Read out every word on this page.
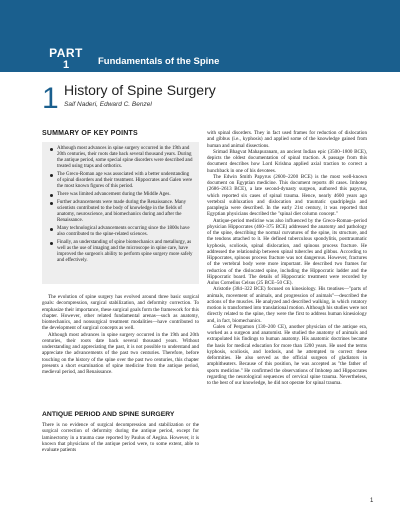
PART
1	Fundamentals of the Spine
1 History of Spine Surgery
Saif Naderi, Edward C. Benzel
SUMMARY OF KEY POINTS
Although most advances in spine surgery occurred in the 19th and 20th centuries, their roots date back several thousand years. During the antique period, some special spine disorders were described and treated using traps and orthotics.
The Greco-Roman age was associated with a better understanding of spinal disorders and their treatment. Hippocrates and Galen were the most known figures of this period.
There was limited advancement during the Middle Ages.
Further advancements were made during the Renaissance. Many scientists contributed to the body of knowledge in the fields of anatomy, neuroscience, and biomechanics during and after the Renaissance.
Many technological advancements occurring since the 1800s have also contributed to the spine-related sciences.
Finally, an understanding of spine biomechanics and metallurgy, as well as the use of imaging and the microscope in spine care, have improved the surgeon's ability to perform spine surgery more safely and effectively.

The evolution of spine surgery has evolved around three basic surgical goals: decompression, surgical stabilization, and deformity correction. To emphasize their importance, these surgical goals form the framework for this chapter. However, other related fundamental arenas—such as anatomy, biomechanics, and nonsurgical treatment modalities—have contributed to the development of surgical concepts as well.

Although most advances in spine surgery occurred in the 19th and 20th centuries, their roots date back several thousand years. Without understanding and appreciating the past, it is not possible to understand and appreciate the advancements of the past two centuries. Therefore, before touching on the history of the spine over the past two centuries, this chapter presents a short examination of spine medicine from the antique period, medieval period, and Renaissance.

ANTIQUE PERIOD AND SPINE SURGERY

There is no evidence of surgical decompression and stabilization or the surgical correction of deformity during the antique period, except for laminectomy in a trauma case reported by Paulus of Aegina. However, it is known that physicians of the antique period were, to some extent, able to evaluate patients

with spinal disorders. They in fact used frames for reduction of dislocation and gibbus (i.e., kyphosis) and applied some of the knowledge gained from human and animal dissections.

Srimad Bhagvat Mahapuranam, an ancient Indian epic (3500–1800 BCE), depicts the oldest documentation of spinal traction. A passage from this document describes how Lord Krishna applied axial traction to correct a hunchback in one of his devotees.

The Edwin Smith Papyrus (2600–2200 BCE) is the most well-known document on Egyptian medicine. This document reports 48 cases. Imhotep (2686–2613 BCE), a late second-dynasty surgeon, authored this papyrus, which reported six cases of spinal trauma. Hence, nearly 4600 years ago vertebral subluxation and dislocation and traumatic quadriplegia and paraplegia were described. In the early 21st century, it was reported that Egyptian physicians described the "spinal diet column concept."

Antique-period medicine was also influenced by the Greco-Roman–period physician Hippocrates (460–375 BCE) addressed the anatomy and pathology of the spine, describing the normal curvatures of the spine, its structure, and the tendons attached to it. He defined tuberculous spondylitis, posttraumatic kyphosis, scoliosis, spinal dislocation, and spinous process fracture. He addressed the relationship between spinal tubercles and gibbus. According to Hippocrates, spinous process fracture was not dangerous. However, fractures of the vertebral body were more important. He described two frames for reduction of the dislocated spine, including the Hippocratic ladder and the Hippocratic board. The details of Hippocratic treatment were recorded by Aulus Cornelius Celsus (25 BCE–50 CE).

Aristotle (384–322 BCE) focused on kinesiology. His treatises—"parts of animals, movement of animals, and progression of animals"—described the actions of the muscles. He analyzed and described walking, in which rotatory motion is transformed into translational motion. Although his studies were not directly related to the spine, they were the first to address human kinesiology and, in fact, biomechanics.

Galen of Pergamon (130–200 CE), another physician of the antique era, worked as a surgeon and anatomist. He studied the anatomy of animals and extrapolated his findings to human anatomy. His anatomic doctrines became the basis for medical education for more than 1200 years. He used the terms kyphosis, scoliosis, and lordosis, and he attempted to correct these deformities. He also served as the official surgeon of gladiators in amphitheaters. Because of this position, he was accepted as "the father of sports medicine." He confirmed the observations of Imhotep and Hippocrates regarding the neurological sequences of cervical spine trauma. Nevertheless, to the best of our knowledge, he did not operate for spinal trauma.

1
